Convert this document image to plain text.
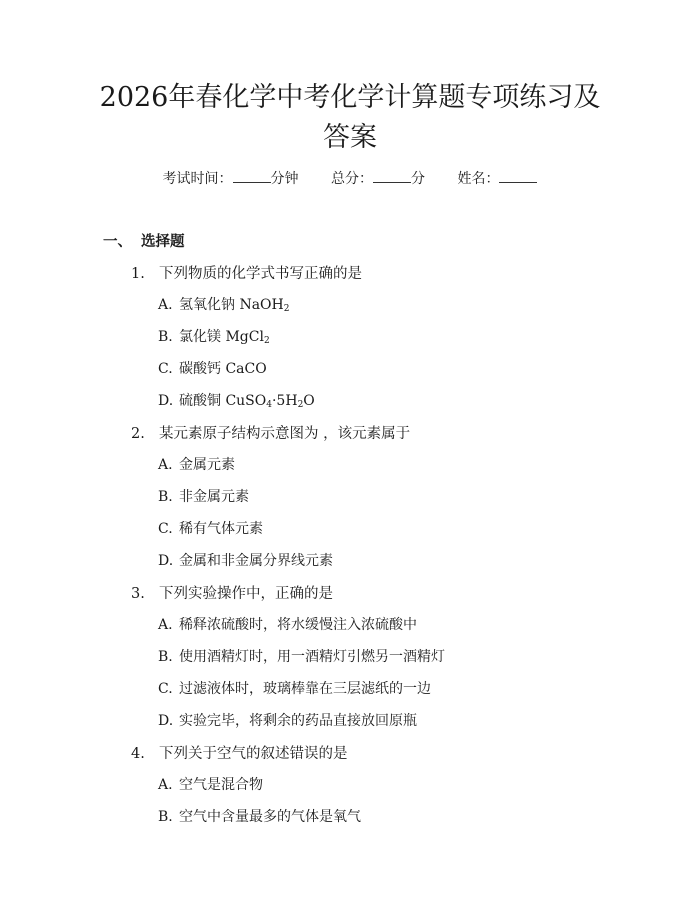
2026年春化学中考化学计算题专项练习及答案
考试时间：	分钟 总分：	分 姓名：
一、 选择题
1. 下列物质的化学式书写正确的是
A. 氢氧化钠 NaOH$_2$
B. 氯化镁 MgCl$_2$
C. 碳酸钙 CaCO
D. 硫酸铜 $CuSO_4\cdot 5H_2O$
2. 某元素原子结构示意图为 ，该元素属于
A. 金属元素
B. 非金属元素
C. 稀有气体元素
D. 金属和非金属分界线元素
3. 下列实验操作中，正确的是
A. 稀释浓硫酸时，将水缓慢注入浓硫酸中
B. 使用酒精灯时，用一酒精灯引燃另一酒精灯
C. 过滤液体时，玻璃棒靠在三层滤纸的一边
D. 实验完毕，将剩余的药品直接放回原瓶
4. 下列关于空气的叙述错误的是
A. 空气是混合物
B. 空气中含量最多的气体是氧气
